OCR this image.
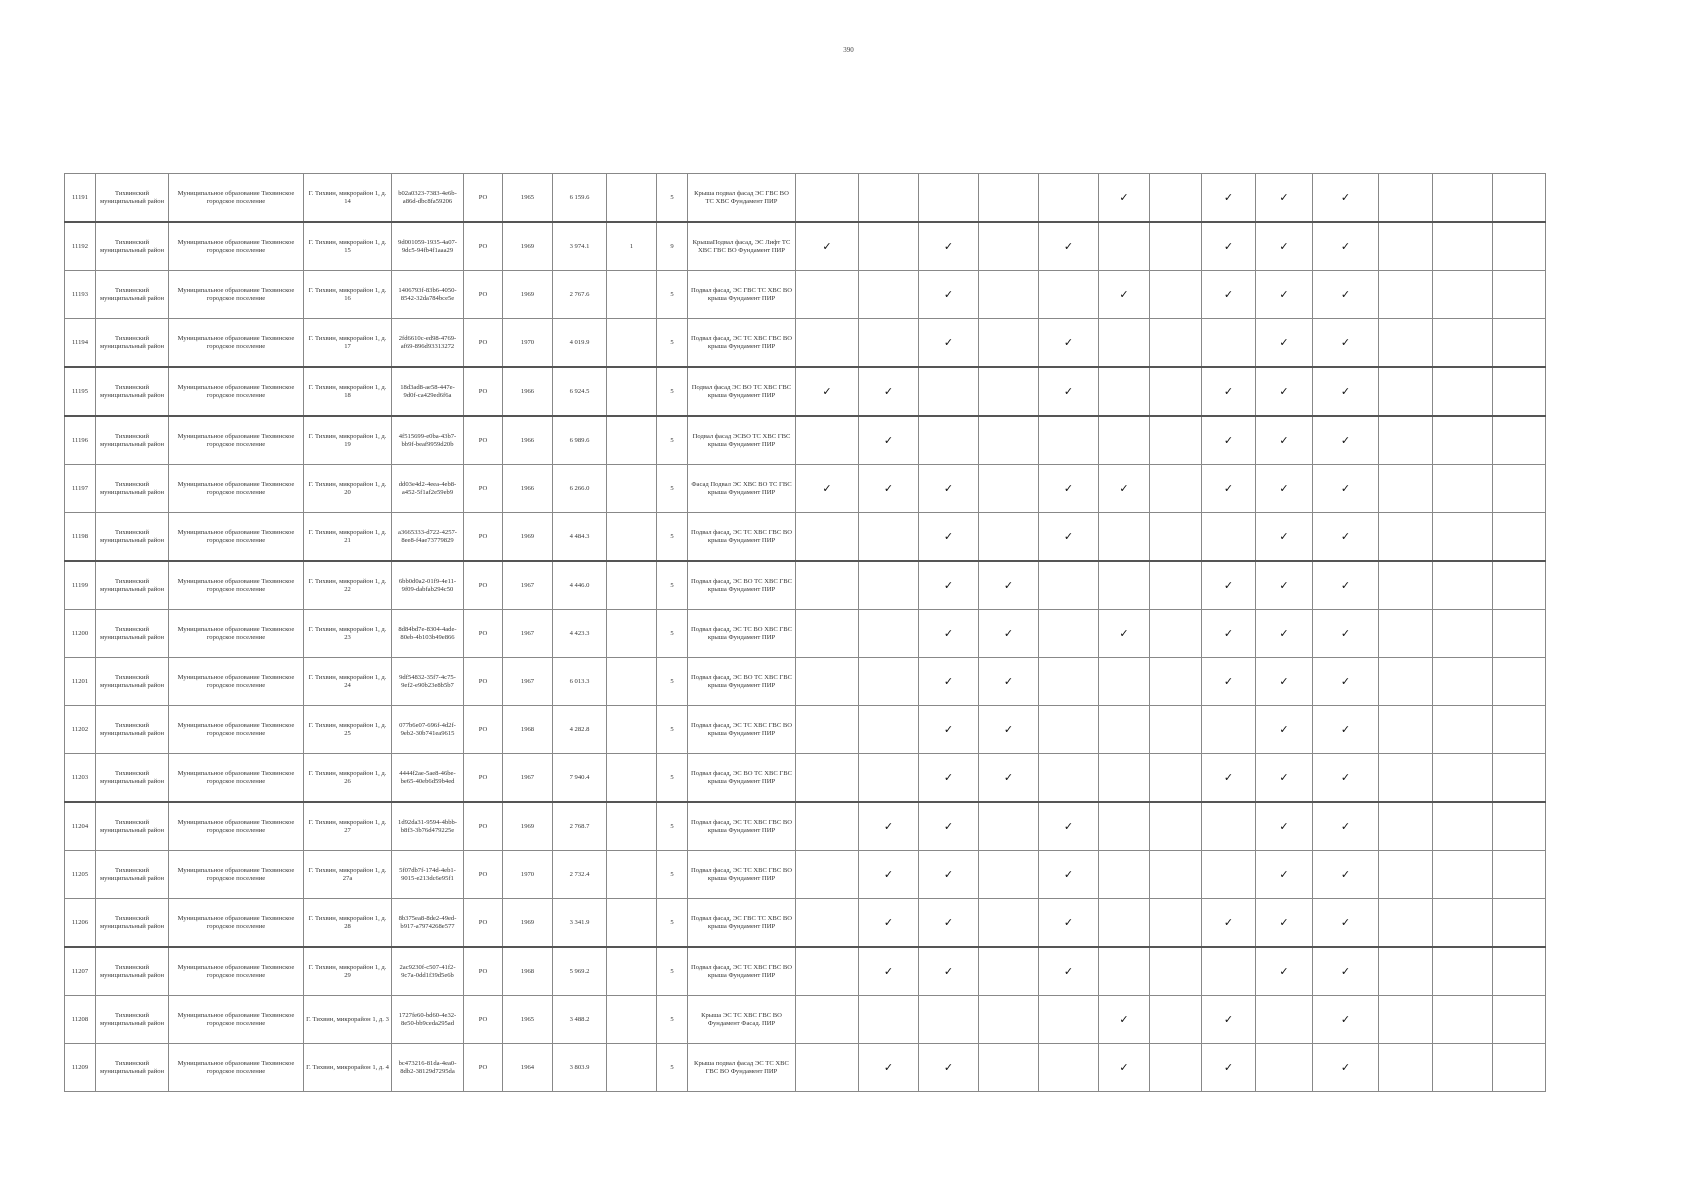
390
11191	Тихвинский муниципальный район	Муниципальное образование Тихвинское городское поселение	Г. Тихвин, микрорайон 1, д. 14	b02a0323-7383-4e6b-a86d-dbc8fa59206	РО	1965	6 159.6		5	Крыша подвал фасад ЭС ГВС ВО ТС ХВС Фундамент ПИР						✓		✓	✓	✓			
11192	Тихвинский муниципальный район	Муниципальное образование Тихвинское городское поселение	Г. Тихвин, микрорайон 1, д. 15	9d001059-1935-4a07-9dc5-94fb4f1aaa29	РО	1969	3 974.1	1	9	КрышаПодвал фасад, ЭС Лифт ТС ХВС ГВС ВО Фундамент ПИР	✓		✓		✓			✓	✓	✓			
11193	Тихвинский муниципальный район	Муниципальное образование Тихвинское городское поселение	Г. Тихвин, микрорайон 1, д. 16	1406793f-83b6-4050-8542-32da784bce5e	РО	1969	2 767.6		5	Подвал фасад, ЭС ГВС ТС ХВС ВО крыша Фундамент ПИР			✓			✓		✓	✓	✓			
11194	Тихвинский муниципальный район	Муниципальное образование Тихвинское городское поселение	Г. Тихвин, микрорайон 1, д. 17	2fd6610c-ed98-4769-af69-896d93313272	РО	1970	4 019.9		5	Подвал фасад, ЭС ТС ХВС ГВС ВО крыша Фундамент ПИР			✓		✓				✓	✓			
11195	Тихвинский муниципальный район	Муниципальное образование Тихвинское городское поселение	Г. Тихвин, микрорайон 1, д. 18	18d3ad8-ae58-447e-9d0f-ca429ed6f6a	РО	1966	6 924.5		5	Подвал фасад ЭС ВО ТС ХВС ГВС крыша Фундамент ПИР	✓	✓			✓			✓	✓	✓			
11196	Тихвинский муниципальный район	Муниципальное образование Тихвинское городское поселение	Г. Тихвин, микрорайон 1, д. 19	4f515699-e0ba-43b7-bb9f-beaf9959d20b	РО	1966	6 989.6		5	Подвал фасад ЭСВО ТС ХВС ГВС крыша Фундамент ПИР		✓						✓	✓	✓			
11197	Тихвинский муниципальный район	Муниципальное образование Тихвинское городское поселение	Г. Тихвин, микрорайон 1, д. 20	dd03e4d2-4eea-4eb8-a452-5f1af2e59eb9	РО	1966	6 266.0		5	Фасад Подвал ЭС ХВС ВО ТС ГВС крыша Фундамент ПИР	✓	✓	✓		✓	✓		✓	✓	✓			
11198	Тихвинский муниципальный район	Муниципальное образование Тихвинское городское поселение	Г. Тихвин, микрорайон 1, д. 21	a3665333-d722-4257-8ee8-f4ae73779829	РО	1969	4 484.3		5	Подвал фасад, ЭС ТС ХВС ГВС ВО крыша Фундамент ПИР			✓		✓				✓	✓			
11199	Тихвинский муниципальный район	Муниципальное образование Тихвинское городское поселение	Г. Тихвин, микрорайон 1, д. 22	6bb0d0a2-01f9-4e11-9f09-dabfab294c50	РО	1967	4 446.0		5	Подвал фасад, ЭС ВО ТС ХВС ГВС крыша Фундамент ПИР			✓	✓				✓	✓	✓			
11200	Тихвинский муниципальный район	Муниципальное образование Тихвинское городское поселение	Г. Тихвин, микрорайон 1, д. 23	8d84bd7e-8304-4ade-80eb-4b103b49e866	РО	1967	4 423.3		5	Подвал фасад, ЭС ТС ВО ХВС ГВС крыша Фундамент ПИР			✓	✓		✓		✓	✓	✓			
11201	Тихвинский муниципальный район	Муниципальное образование Тихвинское городское поселение	Г. Тихвин, микрорайон 1, д. 24	9df54832-35f7-4c75-9ef2-e90b23e8b5b7	РО	1967	6 013.3		5	Подвал фасад, ЭС ВО ТС ХВС ГВС крыша Фундамент ПИР			✓	✓				✓	✓	✓			
11202	Тихвинский муниципальный район	Муниципальное образование Тихвинское городское поселение	Г. Тихвин, микрорайон 1, д. 25	077b6e07-696f-4d2f-9eb2-30b741ea9615	РО	1968	4 282.8		5	Подвал фасад, ЭС ТС ХВС ГВС ВО крыша Фундамент ПИР			✓	✓					✓	✓			
11203	Тихвинский муниципальный район	Муниципальное образование Тихвинское городское поселение	Г. Тихвин, микрорайон 1, д. 26	4444f2ae-5ae8-46be-be65-40eb6d59b4ed	РО	1967	7 940.4		5	Подвал фасад, ЭС ВО ТС ХВС ГВС крыша Фундамент ПИР			✓	✓				✓	✓	✓			
11204	Тихвинский муниципальный район	Муниципальное образование Тихвинское городское поселение	Г. Тихвин, микрорайон 1, д. 27	1d92da31-9594-4bbb-b8f3-3b76d479225e	РО	1969	2 768.7		5	Подвал фасад, ЭС ТС ХВС ГВС ВО крыша Фундамент ПИР		✓	✓		✓				✓	✓			
11205	Тихвинский муниципальный район	Муниципальное образование Тихвинское городское поселение	Г. Тихвин, микрорайон 1, д. 27а	5f07db7f-174d-4eb1-9015-e213dc6e95f1	РО	1970	2 732.4		5	Подвал фасад, ЭС ТС ХВС ГВС ВО крыша Фундамент ПИР		✓	✓		✓				✓	✓			
11206	Тихвинский муниципальный район	Муниципальное образование Тихвинское городское поселение	Г. Тихвин, микрорайон 1, д. 28	8b375ea8-8de2-49ed-b917-a7974268e577	РО	1969	3 341.9		5	Подвал фасад, ЭС ГВС ТС ХВС ВО крыша Фундамент ПИР		✓	✓		✓			✓	✓	✓			
11207	Тихвинский муниципальный район	Муниципальное образование Тихвинское городское поселение	Г. Тихвин, микрорайон 1, д. 29	2ac9230f-c507-41f2-9c7a-0dd1f39d5e6b	РО	1968	5 969.2		5	Подвал фасад, ЭС ТС ХВС ГВС ВО крыша Фундамент ПИР		✓	✓		✓				✓	✓			
11208	Тихвинский муниципальный район	Муниципальное образование Тихвинское городское поселение	Г. Тихвин, микрорайон 1, д. 3	1727fe60-bd60-4e32-8e50-bb9ceda295ad	РО	1965	3 488.2		5	Крыша ЭС ТС ХВС ГВС ВО Фундамент Фасад. ПИР						✓		✓		✓			
11209	Тихвинский муниципальный район	Муниципальное образование Тихвинское городское поселение	Г. Тихвин, микрорайон 1, д. 4	bc473216-81da-4ea0-8db2-38129d7295da	РО	1964	3 803.9		5	Крыша подвал фасад ЭС ТС ХВС ГВС ВО Фундамент ПИР		✓	✓			✓		✓		✓			
